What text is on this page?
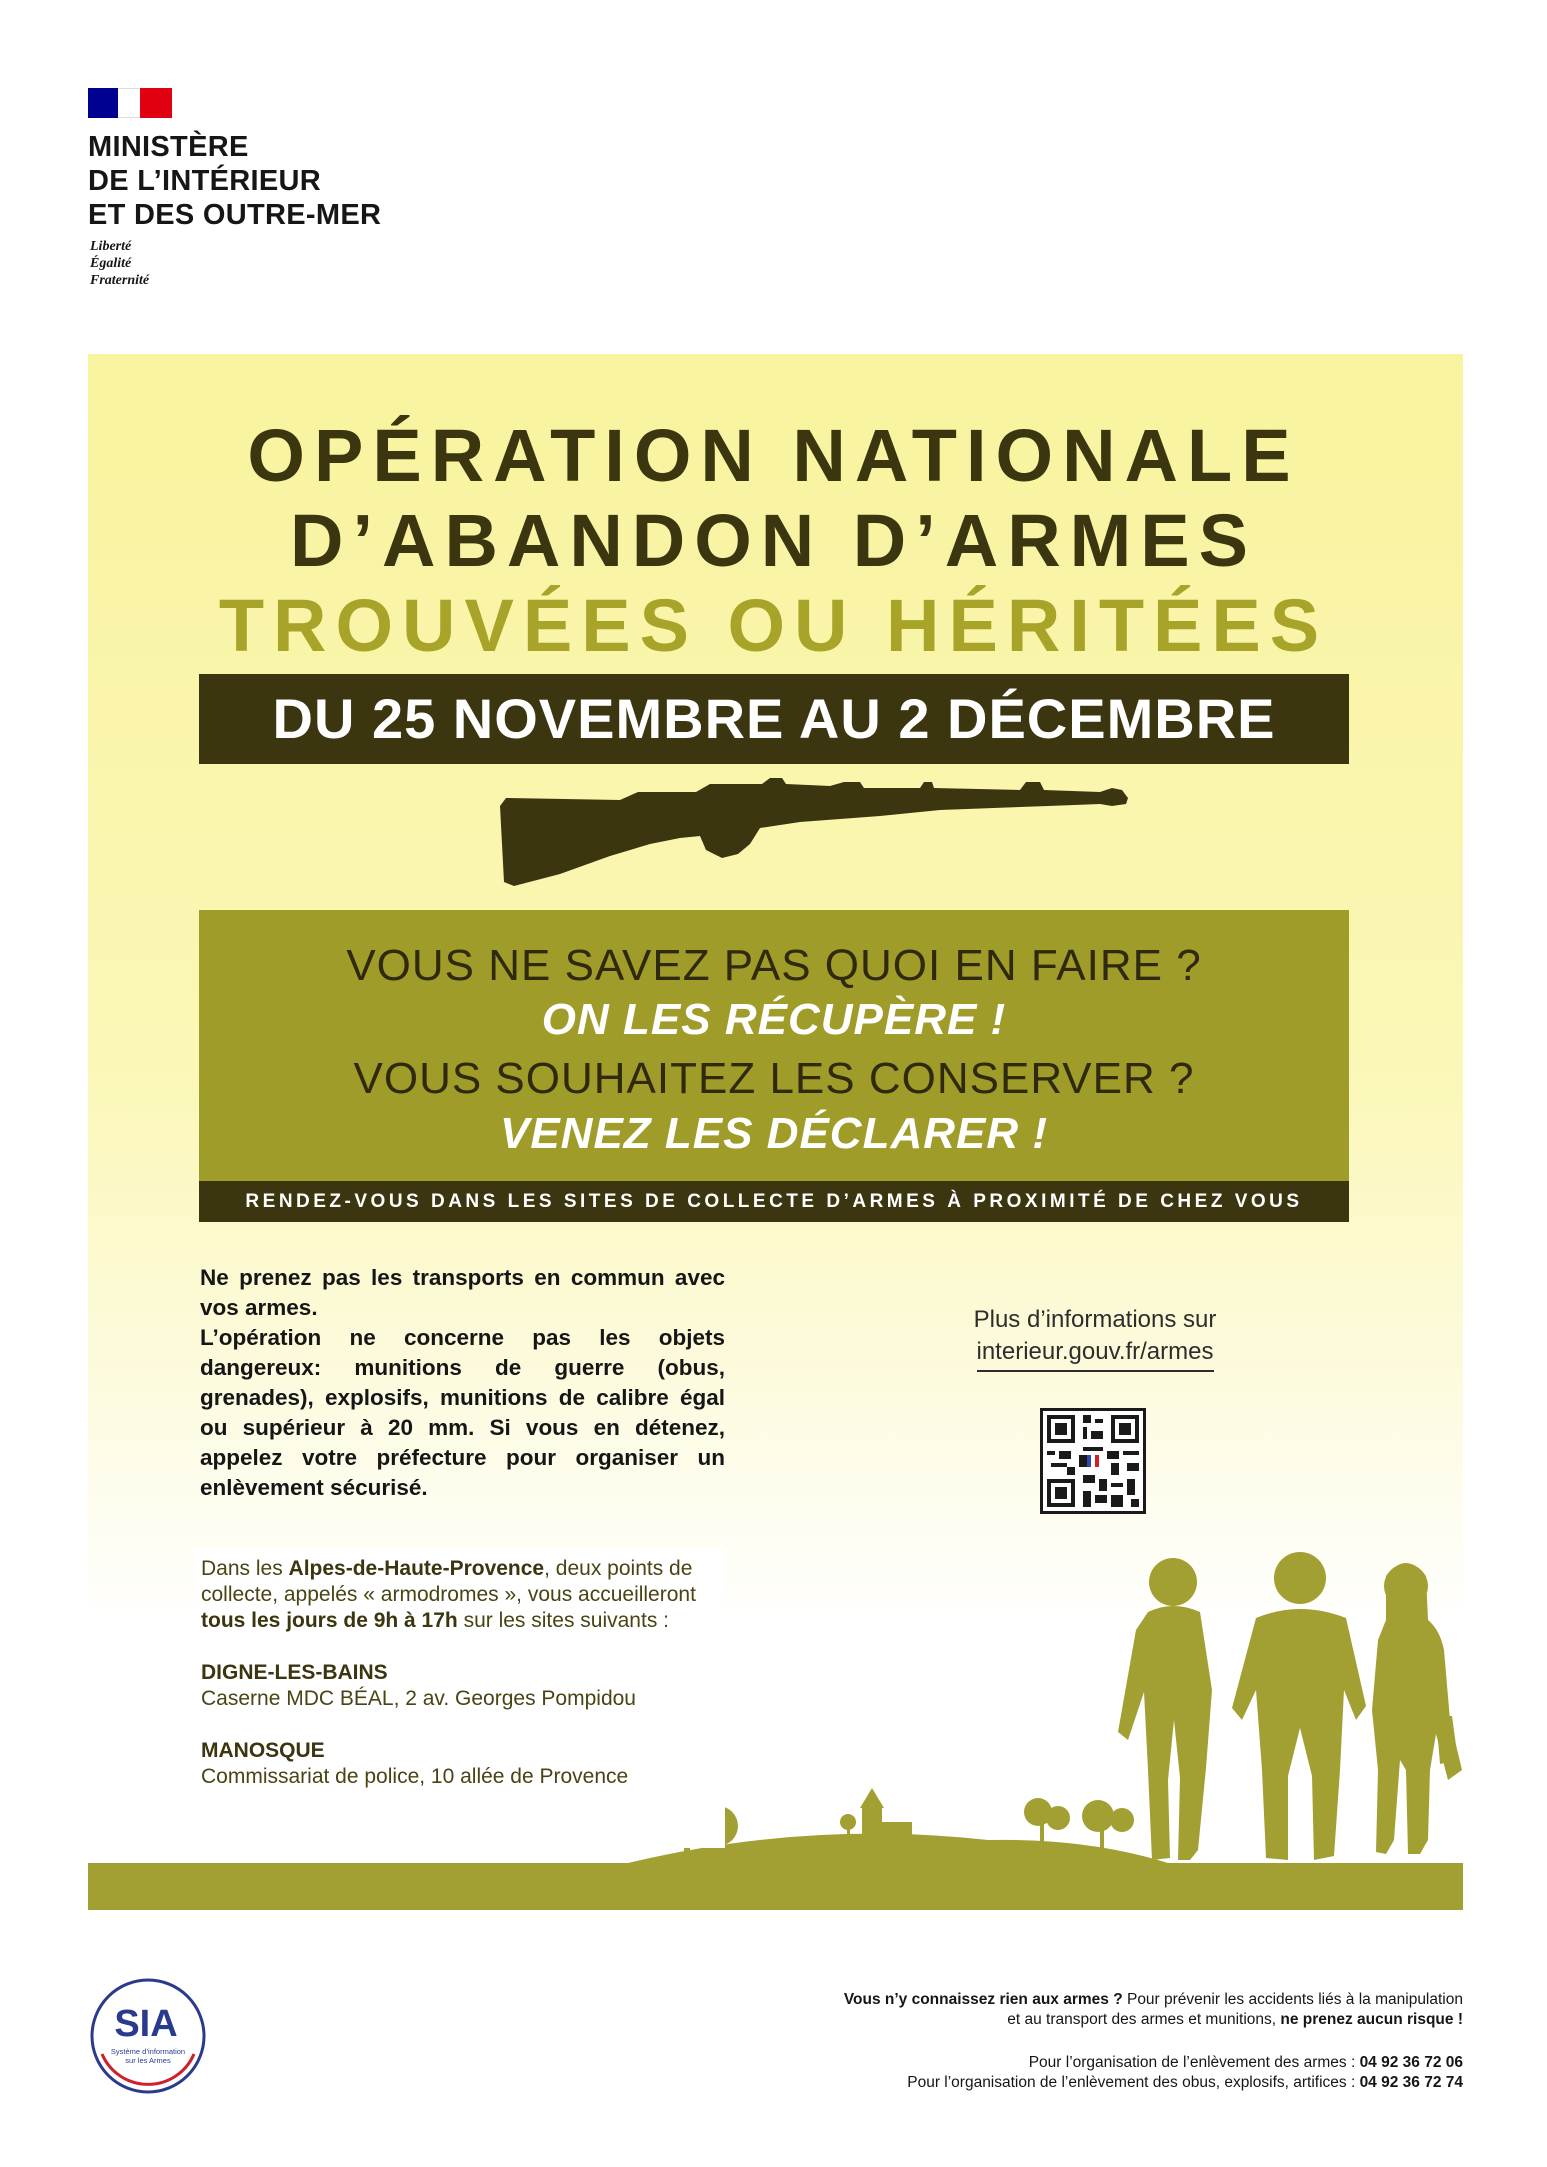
MINISTÈRE
DE L’INTÉRIEUR
ET DES OUTRE-MER
Liberté
Égalité
Fraternité
OPÉRATION NATIONALE
D’ABANDON D’ARMES
TROUVÉES OU HÉRITÉES
DU 25 NOVEMBRE AU 2 DÉCEMBRE
VOUS NE SAVEZ PAS QUOI EN FAIRE ?
ON LES RÉCUPÈRE !
VOUS SOUHAITEZ LES CONSERVER ?
VENEZ LES DÉCLARER !
RENDEZ-VOUS DANS LES SITES DE COLLECTE D’ARMES À PROXIMITÉ DE CHEZ VOUS
Ne prenez pas les transports en commun avec vos armes.
L’opération ne concerne pas les objets dangereux: munitions de guerre (obus, grenades), explosifs, munitions de calibre égal ou supérieur à 20 mm. Si vous en détenez, appelez votre préfecture pour organiser un enlèvement sécurisé.
Plus d’informations sur
interieur.gouv.fr/armes

Dans les Alpes-de-Haute-Provence, deux points de collecte, appelés « armodromes », vous accueilleront tous les jours de 9h à 17h sur les sites suivants :

DIGNE-LES-BAINS
Caserne MDC BÉAL, 2 av. Georges Pompidou
MANOSQUE
Commissariat de police, 10 allée de Provence
SIA
Système d’information
sur les Armes
Vous n’y connaissez rien aux armes ? Pour prévenir les accidents liés à la manipulation
et au transport des armes et munitions, ne prenez aucun risque !
Pour l’organisation de l’enlèvement des armes : 04 92 36 72 06
Pour l’organisation de l’enlèvement des obus, explosifs, artifices : 04 92 36 72 74
